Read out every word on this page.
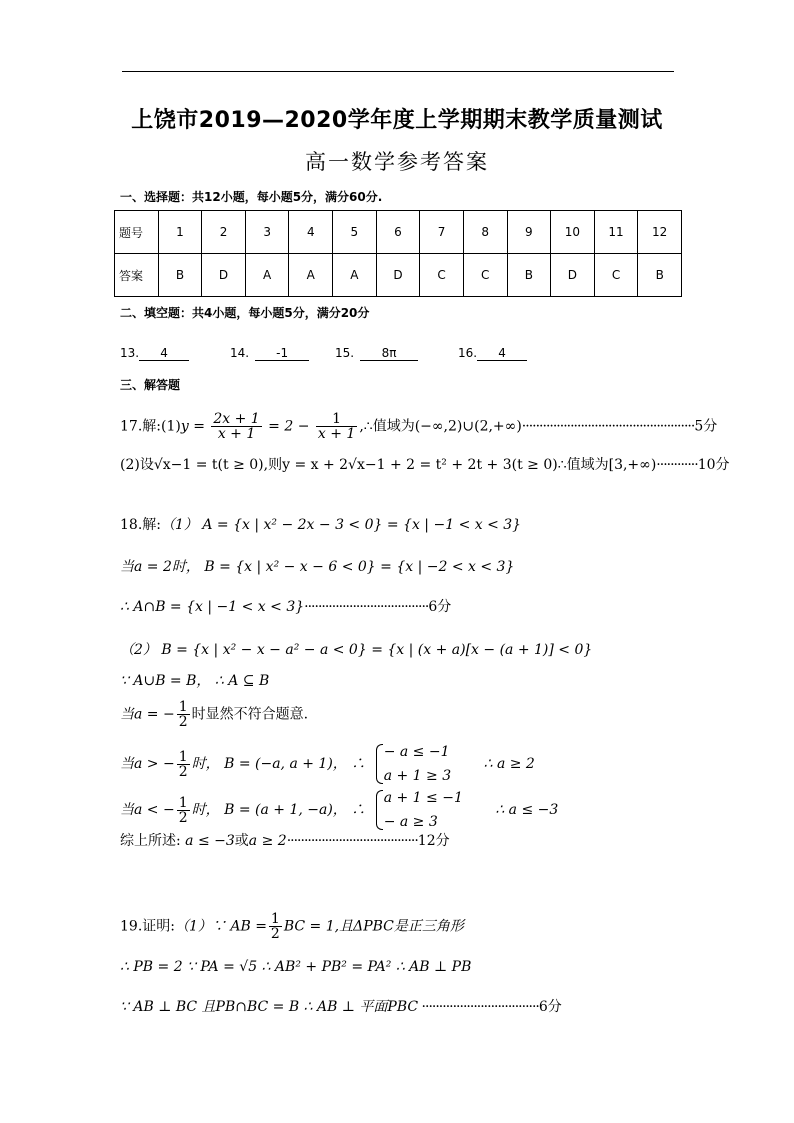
上饶市2019—2020学年度上学期期末教学质量测试
高一数学参考答案
一、选择题：共12小题，每小题5分，满分60分.
题号	1	2	3	4	5	6	7	8	9	10	11	12
答案	B	D	A	A	A	D	C	C	B	D	C	B
二、填空题：共4小题，每小题5分，满分20分
13. 4	14. -1	15. 8π	16. 4
三、解答题
17.解:(1)y = $\frac{2x + 1}{x + 1} = 2 - \frac{1}{x + 1}$ ,∴值域为(−∞,2)∪(2,+∞)··················································5分
(2)设√x−1 = t(t ≥ 0),则y = x + 2√x−1 + 2 = t² + 2t + 3(t ≥ 0)∴值域为[3,+∞)············10分
18.解:（1） A = {x | x² − 2x − 3 < 0} = {x | −1 < x < 3}
当a = 2时， B = {x | x² − x − 6 < 0} = {x | −2 < x < 3}
∴ A∩B = {x | −1 < x < 3}····································6分
（2） B = {x | x² − x − a² − a < 0} = {x | (x + a)[x − (a + 1)] < 0}
∵ A∪B = B， ∴ A ⊆ B
当a = − $\frac{1}{2}$ 时显然不符合题意.
当a > − $\frac{1}{2}$ 时， B = (−a, a + 1)， ∴
− a ≤ −1
a + 1 ≥ 3
∴ a ≥ 2
当a < − $\frac{1}{2}$ 时， B = (a + 1, −a)， ∴
a + 1 ≤ −1
− a ≥ 3
∴ a ≤ −3
综上所述: a ≤ −3或a ≥ 2······································12分
19.证明:（1）∵ AB = $\frac{1}{2}$ BC = 1,且ΔPBC是正三角形
∴ PB = 2 ∵ PA = √5 ∴ AB² + PB² = PA² ∴ AB ⊥ PB
∵ AB ⊥ BC 且PB∩BC = B ∴ AB ⊥ 平面PBC ··································6分
